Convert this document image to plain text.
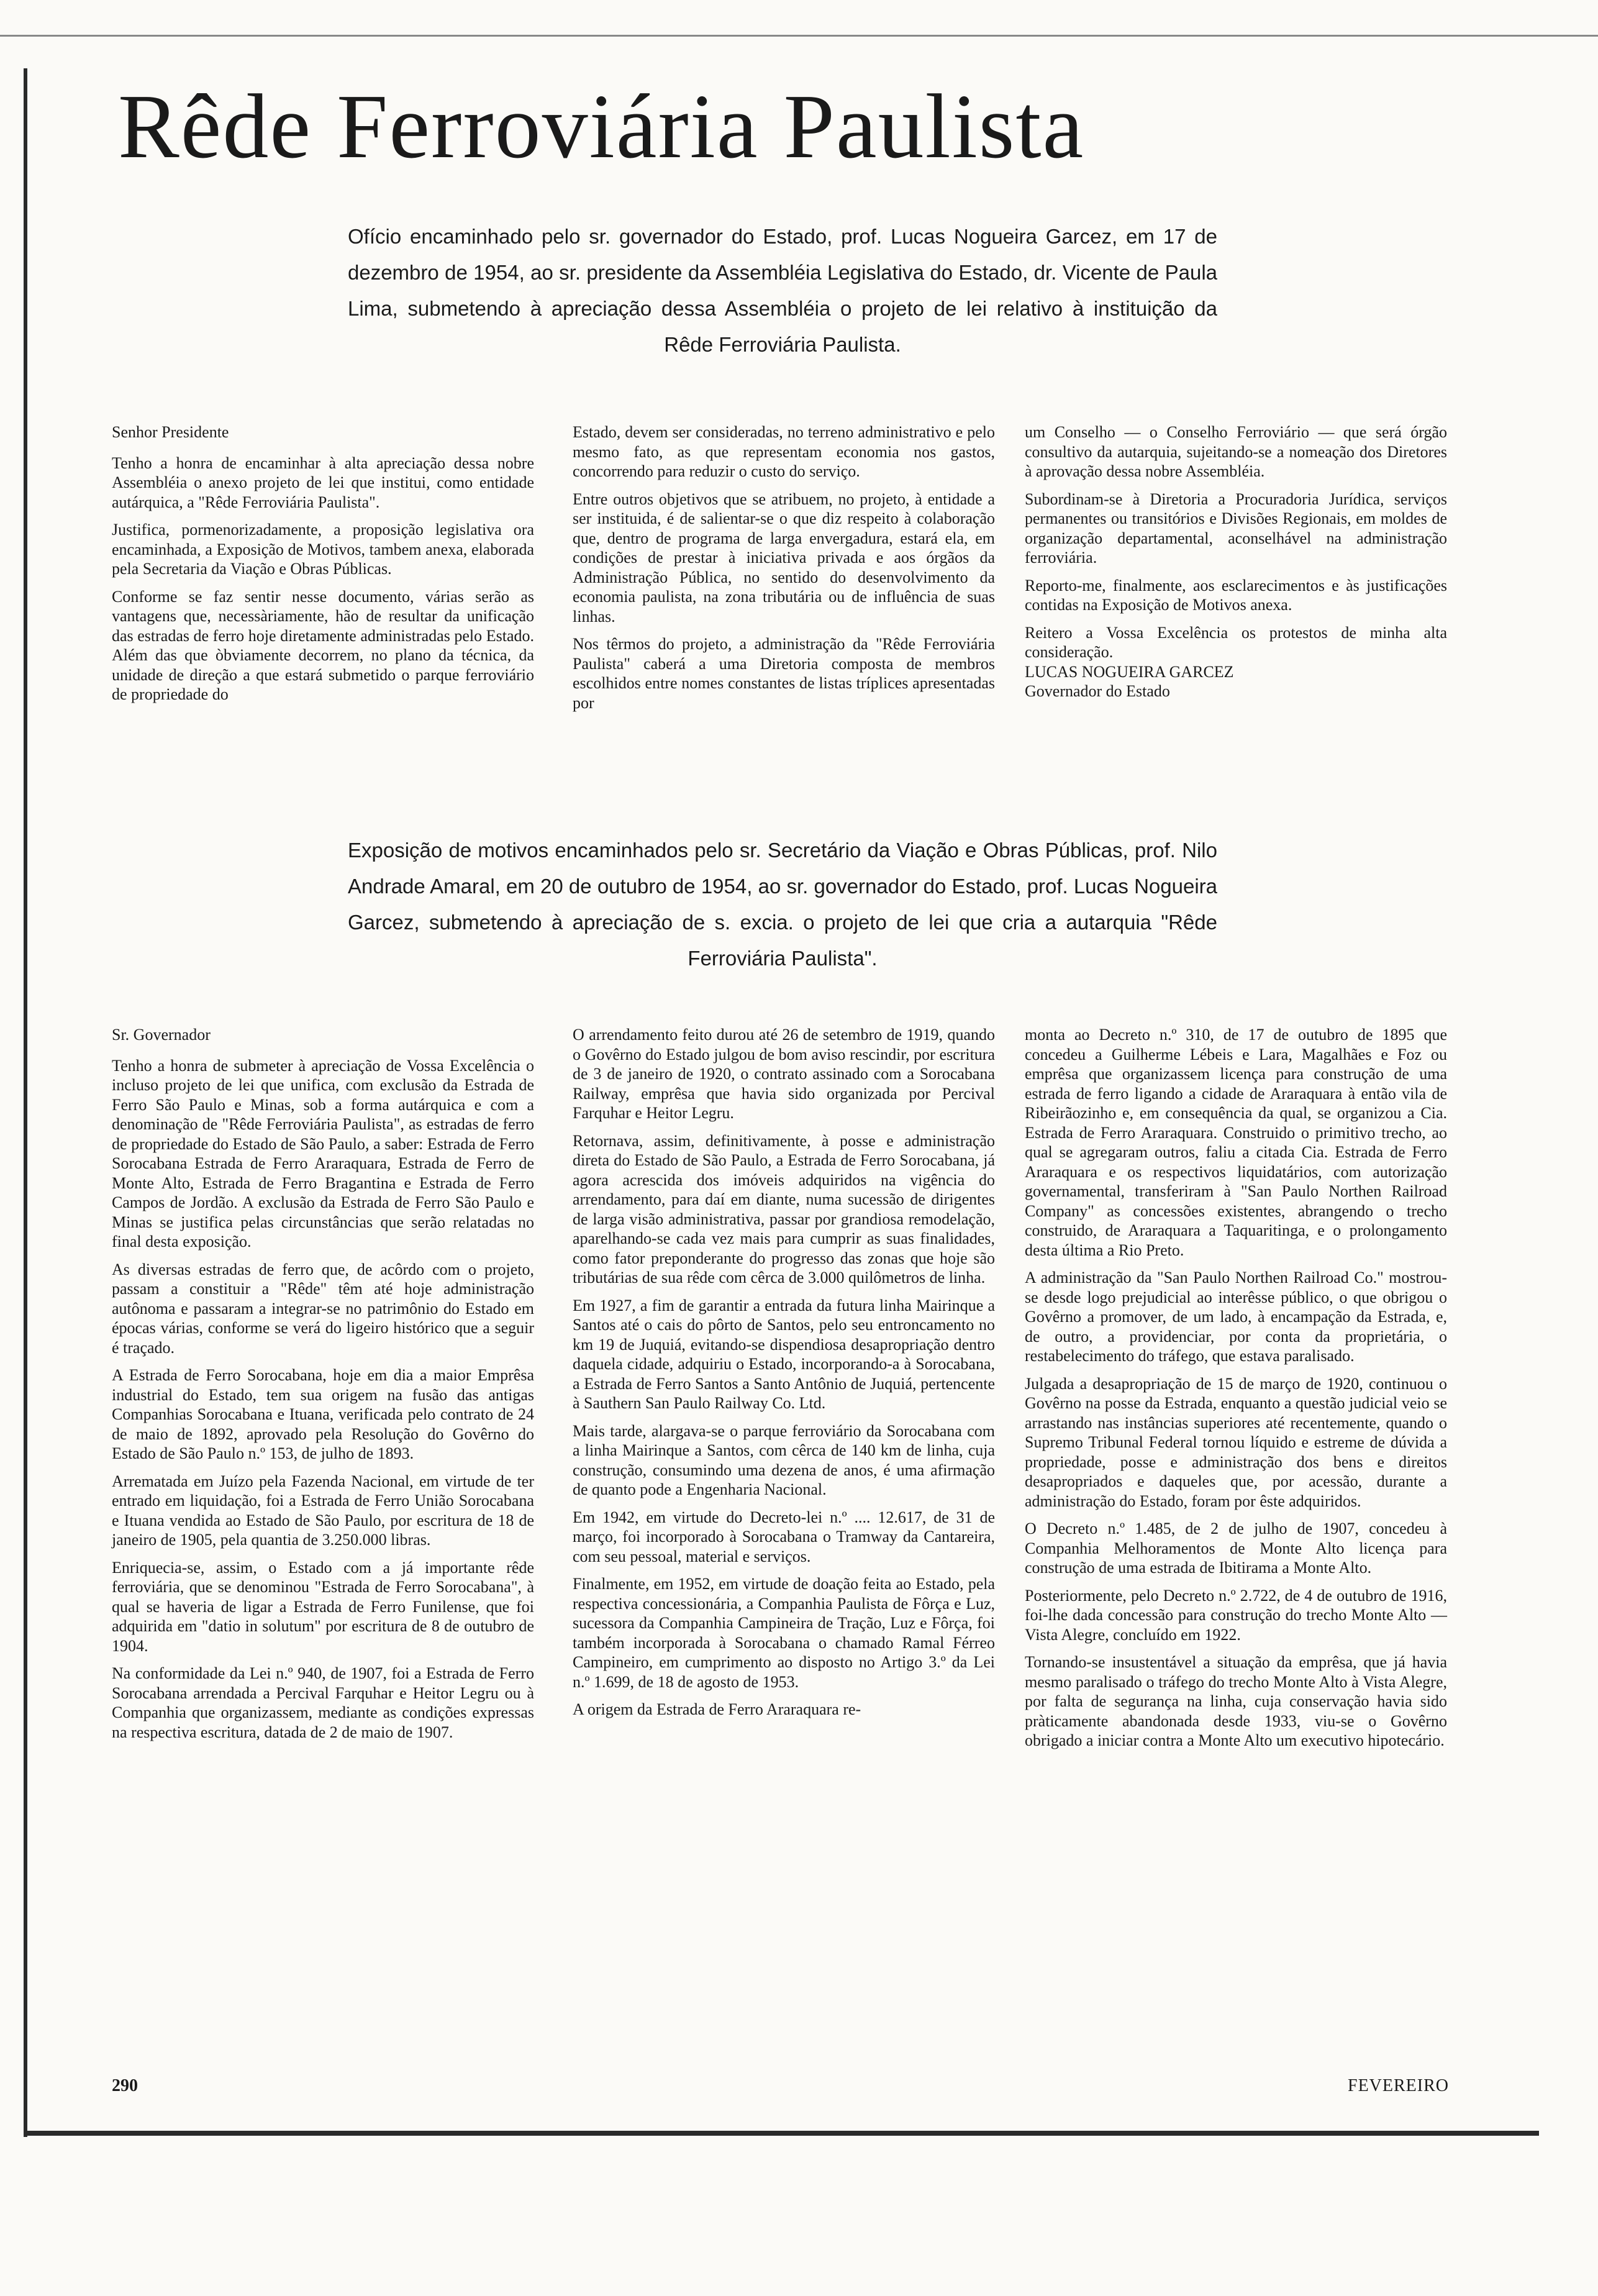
Rêde Ferroviária Paulista

Ofício encaminhado pelo sr. governador do Estado, prof. Lucas Nogueira Garcez, em 17 de dezembro de 1954, ao sr. presidente da Assembléia Legislativa do Estado, dr. Vicente de Paula Lima, submetendo à apreciação dessa Assembléia o projeto de lei relativo à instituição da Rêde Ferroviária Paulista.

Senhor Presidente

Tenho a honra de encaminhar à alta apreciação dessa nobre Assembléia o anexo projeto de lei que institui, como entidade autárquica, a "Rêde Ferroviária Paulista".

Justifica, pormenorizadamente, a proposição legislativa ora encaminhada, a Exposição de Motivos, tambem anexa, elaborada pela Secretaria da Viação e Obras Públicas.

Conforme se faz sentir nesse documento, várias serão as vantagens que, necessàriamente, hão de resultar da unificação das estradas de ferro hoje diretamente administradas pelo Estado. Além das que òbviamente decorrem, no plano da técnica, da unidade de direção a que estará submetido o parque ferroviário de propriedade do

Estado, devem ser consideradas, no terreno administrativo e pelo mesmo fato, as que representam economia nos gastos, concorrendo para reduzir o custo do serviço.

Entre outros objetivos que se atribuem, no projeto, à entidade a ser instituida, é de salientar-se o que diz respeito à colaboração que, dentro de programa de larga envergadura, estará ela, em condições de prestar à iniciativa privada e aos órgãos da Administração Pública, no sentido do desenvolvimento da economia paulista, na zona tributária ou de influência de suas linhas.

Nos têrmos do projeto, a administração da "Rêde Ferroviária Paulista" caberá a uma Diretoria composta de membros escolhidos entre nomes constantes de listas tríplices apresentadas por

um Conselho — o Conselho Ferroviário — que será órgão consultivo da autarquia, sujeitando-se a nomeação dos Diretores à aprovação dessa nobre Assembléia.

Subordinam-se à Diretoria a Procuradoria Jurídica, serviços permanentes ou transitórios e Divisões Regionais, em moldes de organização departamental, aconselhável na administração ferroviária.

Reporto-me, finalmente, aos esclarecimentos e às justificações contidas na Exposição de Motivos anexa.

Reitero a Vossa Excelência os protestos de minha alta consideração.

LUCAS NOGUEIRA GARCEZ

Governador do Estado

Exposição de motivos encaminhados pelo sr. Secretário da Viação e Obras Públicas, prof. Nilo Andrade Amaral, em 20 de outubro de 1954, ao sr. governador do Estado, prof. Lucas Nogueira Garcez, submetendo à apreciação de s. excia. o projeto de lei que cria a autarquia "Rêde Ferroviária Paulista".

Sr. Governador

Tenho a honra de submeter à apreciação de Vossa Excelência o incluso projeto de lei que unifica, com exclusão da Estrada de Ferro São Paulo e Minas, sob a forma autárquica e com a denominação de "Rêde Ferroviária Paulista", as estradas de ferro de propriedade do Estado de São Paulo, a saber: Estrada de Ferro Sorocabana Estrada de Ferro Araraquara, Estrada de Ferro de Monte Alto, Estrada de Ferro Bragantina e Estrada de Ferro Campos de Jordão. A exclusão da Estrada de Ferro São Paulo e Minas se justifica pelas circunstâncias que serão relatadas no final desta exposição.

As diversas estradas de ferro que, de acôrdo com o projeto, passam a constituir a "Rêde" têm até hoje administração autônoma e passaram a integrar-se no patrimônio do Estado em épocas várias, conforme se verá do ligeiro histórico que a seguir é traçado.

A Estrada de Ferro Sorocabana, hoje em dia a maior Emprêsa industrial do Estado, tem sua origem na fusão das antigas Companhias Sorocabana e Ituana, verificada pelo contrato de 24 de maio de 1892, aprovado pela Resolução do Govêrno do Estado de São Paulo n.º 153, de julho de 1893.

Arrematada em Juízo pela Fazenda Nacional, em virtude de ter entrado em liquidação, foi a Estrada de Ferro União Sorocabana e Ituana vendida ao Estado de São Paulo, por escritura de 18 de janeiro de 1905, pela quantia de 3.250.000 libras.

Enriquecia-se, assim, o Estado com a já importante rêde ferroviária, que se denominou "Estrada de Ferro Sorocabana", à qual se haveria de ligar a Estrada de Ferro Funilense, que foi adquirida em "datio in solutum" por escritura de 8 de outubro de 1904.

Na conformidade da Lei n.º 940, de 1907, foi a Estrada de Ferro Sorocabana arrendada a Percival Farquhar e Heitor Legru ou à Companhia que organizassem, mediante as condições expressas na respectiva escritura, datada de 2 de maio de 1907.

O arrendamento feito durou até 26 de setembro de 1919, quando o Govêrno do Estado julgou de bom aviso rescindir, por escritura de 3 de janeiro de 1920, o contrato assinado com a Sorocabana Railway, emprêsa que havia sido organizada por Percival Farquhar e Heitor Legru.

Retornava, assim, definitivamente, à posse e administração direta do Estado de São Paulo, a Estrada de Ferro Sorocabana, já agora acrescida dos imóveis adquiridos na vigência do arrendamento, para daí em diante, numa sucessão de dirigentes de larga visão administrativa, passar por grandiosa remodelação, aparelhando-se cada vez mais para cumprir as suas finalidades, como fator preponderante do progresso das zonas que hoje são tributárias de sua rêde com cêrca de 3.000 quilômetros de linha.

Em 1927, a fim de garantir a entrada da futura linha Mairinque a Santos até o cais do pôrto de Santos, pelo seu entroncamento no km 19 de Juquiá, evitando-se dispendiosa desapropriação dentro daquela cidade, adquiriu o Estado, incorporando-a à Sorocabana, a Estrada de Ferro Santos a Santo Antônio de Juquiá, pertencente à Sauthern San Paulo Railway Co. Ltd.

Mais tarde, alargava-se o parque ferroviário da Sorocabana com a linha Mairinque a Santos, com cêrca de 140 km de linha, cuja construção, consumindo uma dezena de anos, é uma afirmação de quanto pode a Engenharia Nacional.

Em 1942, em virtude do Decreto-lei n.º .... 12.617, de 31 de março, foi incorporado à Sorocabana o Tramway da Cantareira, com seu pessoal, material e serviços.

Finalmente, em 1952, em virtude de doação feita ao Estado, pela respectiva concessionária, a Companhia Paulista de Fôrça e Luz, sucessora da Companhia Campineira de Tração, Luz e Fôrça, foi também incorporada à Sorocabana o chamado Ramal Férreo Campineiro, em cumprimento ao disposto no Artigo 3.º da Lei n.º 1.699, de 18 de agosto de 1953.

A origem da Estrada de Ferro Araraquara re-

monta ao Decreto n.º 310, de 17 de outubro de 1895 que concedeu a Guilherme Lébeis e Lara, Magalhães e Foz ou emprêsa que organizassem licença para construção de uma estrada de ferro ligando a cidade de Araraquara à então vila de Ribeirãozinho e, em consequência da qual, se organizou a Cia. Estrada de Ferro Araraquara. Construido o primitivo trecho, ao qual se agregaram outros, faliu a citada Cia. Estrada de Ferro Araraquara e os respectivos liquidatários, com autorização governamental, transferiram à "San Paulo Northen Railroad Company" as concessões existentes, abrangendo o trecho construido, de Araraquara a Taquaritinga, e o prolongamento desta última a Rio Preto.

A administração da "San Paulo Northen Railroad Co." mostrou-se desde logo prejudicial ao interêsse público, o que obrigou o Govêrno a promover, de um lado, à encampação da Estrada, e, de outro, a providenciar, por conta da proprietária, o restabelecimento do tráfego, que estava paralisado.

Julgada a desapropriação de 15 de março de 1920, continuou o Govêrno na posse da Estrada, enquanto a questão judicial veio se arrastando nas instâncias superiores até recentemente, quando o Supremo Tribunal Federal tornou líquido e estreme de dúvida a propriedade, posse e administração dos bens e direitos desapropriados e daqueles que, por acessão, durante a administração do Estado, foram por êste adquiridos.

O Decreto n.º 1.485, de 2 de julho de 1907, concedeu à Companhia Melhoramentos de Monte Alto licença para construção de uma estrada de Ibitirama a Monte Alto.

Posteriormente, pelo Decreto n.º 2.722, de 4 de outubro de 1916, foi-lhe dada concessão para construção do trecho Monte Alto — Vista Alegre, concluído em 1922.

Tornando-se insustentável a situação da emprêsa, que já havia mesmo paralisado o tráfego do trecho Monte Alto à Vista Alegre, por falta de segurança na linha, cuja conservação havia sido pràticamente abandonada desde 1933, viu-se o Govêrno obrigado a iniciar contra a Monte Alto um executivo hipotecário.

290	FEVEREIRO
